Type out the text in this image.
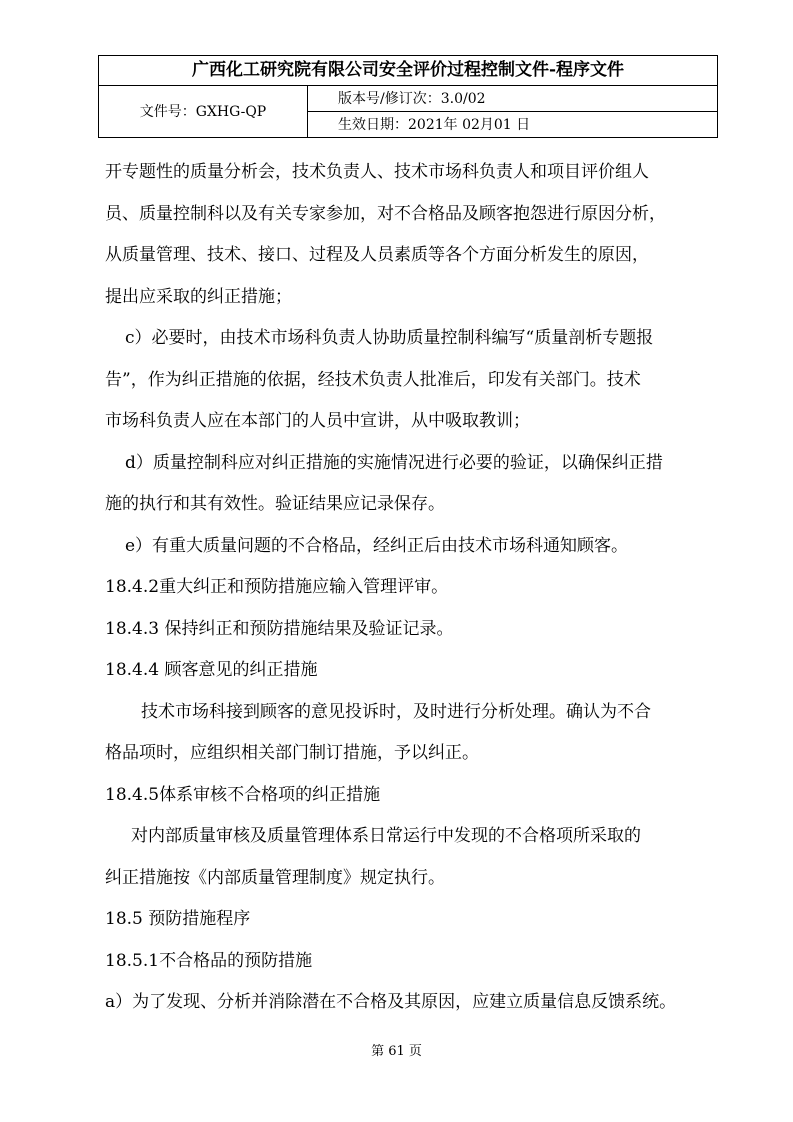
广西化工研究院有限公司安全评价过程控制文件-程序文件
文件号：GXHG-QP
版本号/修订次：3.0/02
生效日期：2021年 02月01 日

开专题性的质量分析会，技术负责人、技术市场科负责人和项目评价组人

员、质量控制科以及有关专家参加，对不合格品及顾客抱怨进行原因分析，

从质量管理、技术、接口、过程及人员素质等各个方面分析发生的原因，

提出应采取的纠正措施；

c）必要时，由技术市场科负责人协助质量控制科编写“质量剖析专题报

告”，作为纠正措施的依据，经技术负责人批准后，印发有关部门。技术

市场科负责人应在本部门的人员中宣讲，从中吸取教训；

d）质量控制科应对纠正措施的实施情况进行必要的验证，以确保纠正措

施的执行和其有效性。验证结果应记录保存。

e）有重大质量问题的不合格品，经纠正后由技术市场科通知顾客。

18.4.2重大纠正和预防措施应输入管理评审。

18.4.3 保持纠正和预防措施结果及验证记录。

18.4.4 顾客意见的纠正措施

技术市场科接到顾客的意见投诉时，及时进行分析处理。确认为不合

格品项时，应组织相关部门制订措施，予以纠正。

18.4.5体系审核不合格项的纠正措施

对内部质量审核及质量管理体系日常运行中发现的不合格项所采取的

纠正措施按《内部质量管理制度》规定执行。

18.5 预防措施程序

18.5.1不合格品的预防措施

a）为了发现、分析并消除潜在不合格及其原因，应建立质量信息反馈系统。

第 61 页
